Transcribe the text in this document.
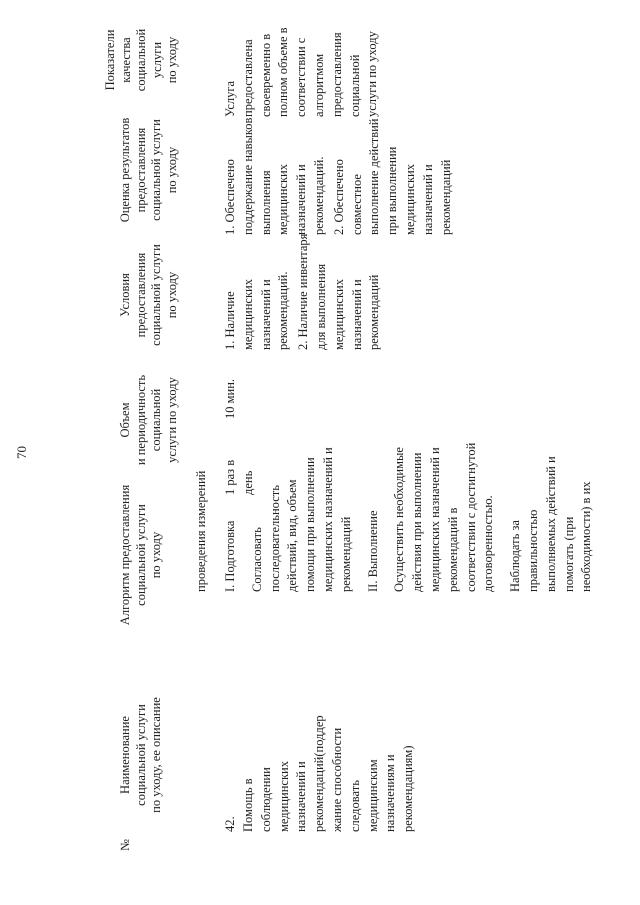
70
№
Наименование социальной услуги по уходу, ее описание
Алгоритм предоставления социальной услуги по уходу
Объем и периодичность социальной услуги по уходу
Условия предоставления социальной услуги по уходу
Оценка результатов предоставления социальной услуги по уходу
Показатели качества социальной услуги по уходу
проведения измерений
42. Помощь в соблюдении медицинских назначений и рекомендаций(поддер жание способности следовать медицинским назначениям и рекомендациям)
I. Подготовка Согласовать последовательность действий, вид, объем помощи при выполнении медицинских назначений и рекомендаций II. Выполнение Осуществить необходимые действия при выполнении медицинских назначений и рекомендаций в соответствии с достигнутой договоренностью. Наблюдать за правильностью выполняемых действий и помогать (при необходимости) в их
1 раз в день
10 мин.
1. Наличие медицинских назначений и рекомендаций. 2. Наличие инвентаря для выполнения медицинских назначений и рекомендаций
1. Обеспечено поддержание навыков выполнения медицинских назначений и рекомендаций. 2. Обеспечено совместное выполнение действий при выполнении медицинских назначений и рекомендаций
Услуга предоставлена своевременно в полном объеме в соответствии с алгоритмом предоставления социальной услуги по уходу
